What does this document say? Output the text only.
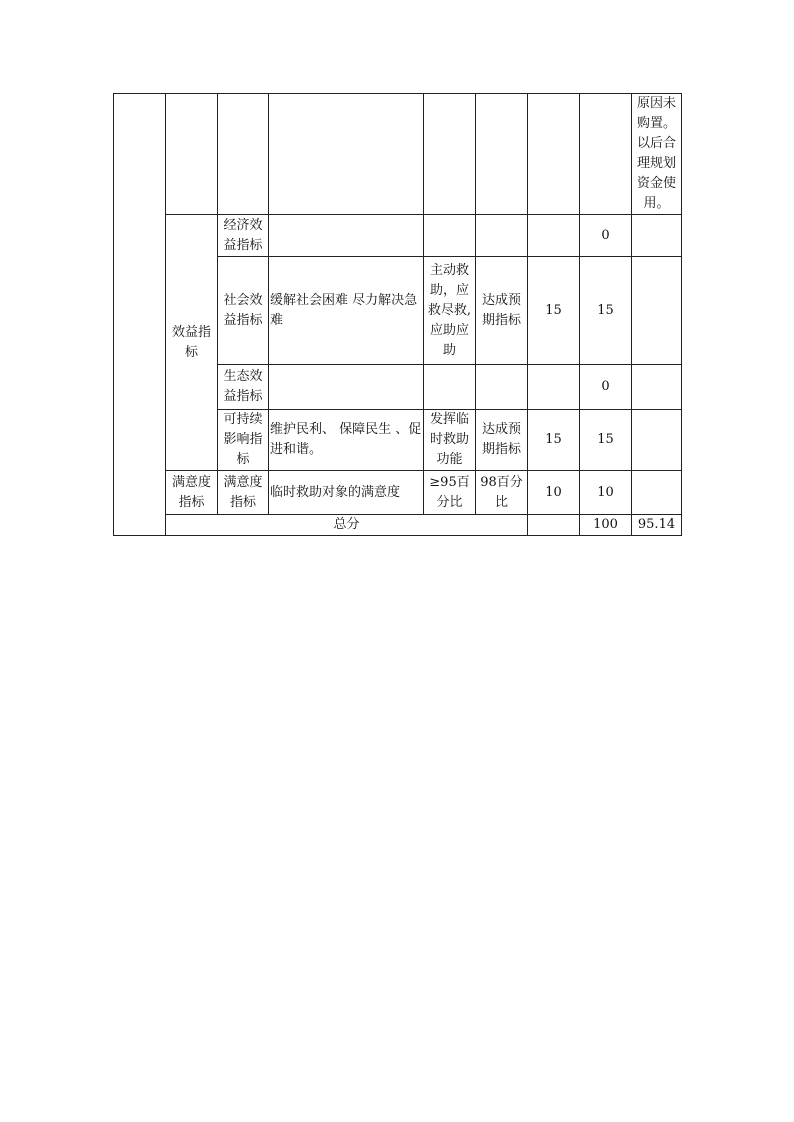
								原因未购置。以后合理规划资金使用。	
	效益指标	经济效益指标					0		
		社会效益指标	缓解社会困难 尽力解决急难	主动救助，应救尽救,应助应助	达成预期指标	15	15		
		生态效益指标					0		
		可持续影响指标	维护民利、 保障民生 、促进和谐。	发挥临时救助功能	达成预期指标	15	15		
	满意度指标	满意度指标	临时救助对象的满意度	≥95百分比	98百分比	10	10		
	总分						100	95.14	
